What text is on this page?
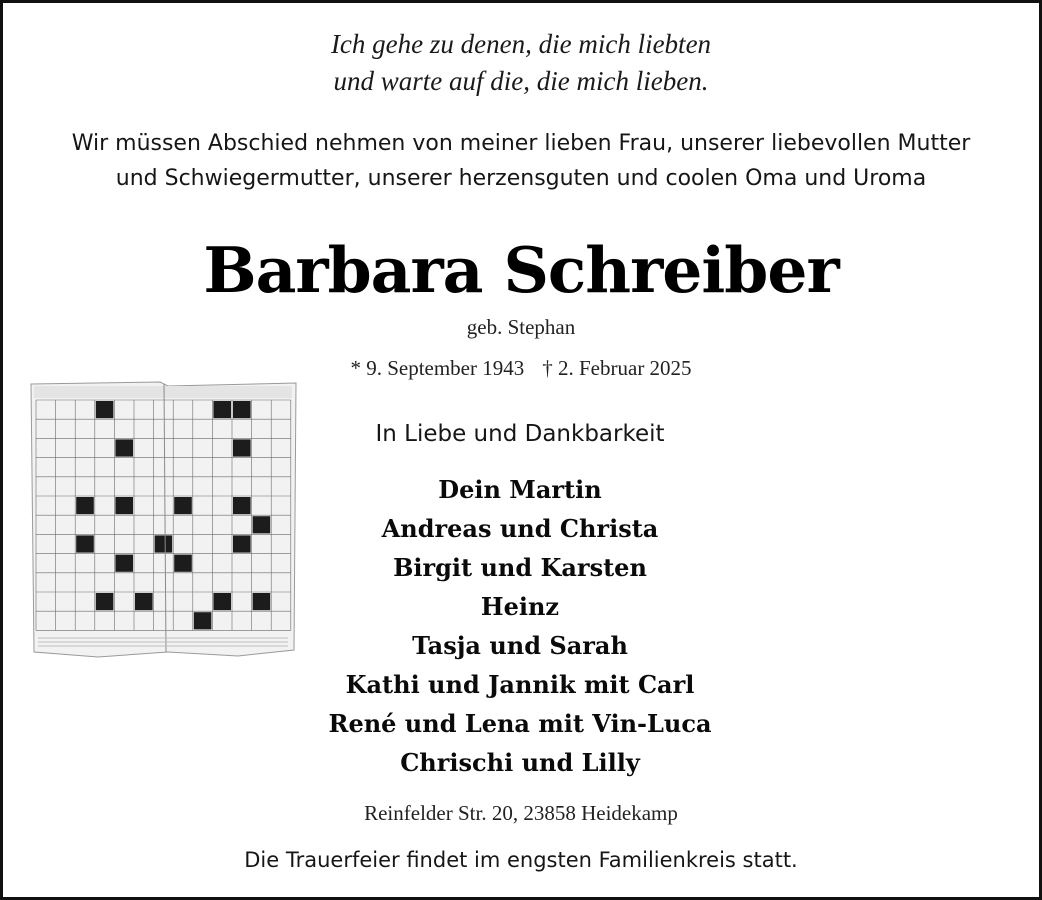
Ich gehe zu denen, die mich liebten
und warte auf die, die mich lieben.
Wir müssen Abschied nehmen von meiner lieben Frau, unserer liebevollen Mutter
und Schwiegermutter, unserer herzensguten und coolen Oma und Uroma
Barbara Schreiber
geb. Stephan
* 9. September 1943 † 2. Februar 2025
In Liebe und Dankbarkeit
Dein Martin
Andreas und Christa
Birgit und Karsten
Heinz
Tasja und Sarah
Kathi und Jannik mit Carl
René und Lena mit Vin-Luca
Chrischi und Lilly
Reinfelder Str. 20, 23858 Heidekamp
Die Trauerfeier findet im engsten Familienkreis statt.
